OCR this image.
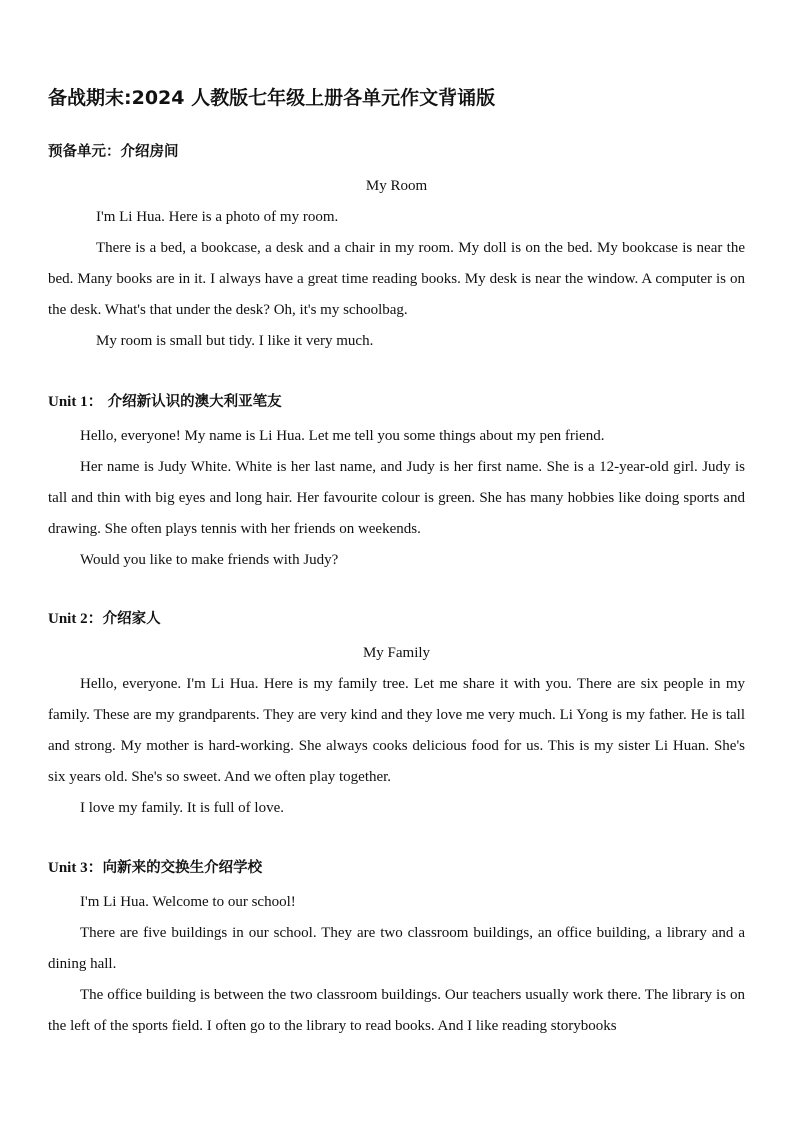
备战期末:2024 人教版七年级上册各单元作文背诵版
预备单元：介绍房间
My Room

I'm Li Hua. Here is a photo of my room.

There is a bed, a bookcase, a desk and a chair in my room. My doll is on the bed. My bookcase is near the bed. Many books are in it. I always have a great time reading books. My desk is near the window. A computer is on the desk. What's that under the desk? Oh, it's my schoolbag.

My room is small but tidy. I like it very much.

Unit 1： 介绍新认识的澳大利亚笔友

Hello, everyone! My name is Li Hua. Let me tell you some things about my pen friend.

Her name is Judy White. White is her last name, and Judy is her first name. She is a 12-year-old girl. Judy is tall and thin with big eyes and long hair. Her favourite colour is green. She has many hobbies like doing sports and drawing. She often plays tennis with her friends on weekends.

Would you like to make friends with Judy?

Unit 2：介绍家人
My Family

Hello, everyone. I'm Li Hua. Here is my family tree. Let me share it with you. There are six people in my family. These are my grandparents. They are very kind and they love me very much. Li Yong is my father. He is tall and strong. My mother is hard-working. She always cooks delicious food for us. This is my sister Li Huan. She's six years old. She's so sweet. And we often play together.

I love my family. It is full of love.

Unit 3：向新来的交换生介绍学校

I'm Li Hua. Welcome to our school!

There are five buildings in our school. They are two classroom buildings, an office building, a library and a dining hall.

The office building is between the two classroom buildings. Our teachers usually work there. The library is on the left of the sports field. I often go to the library to read books. And I like reading storybooks
